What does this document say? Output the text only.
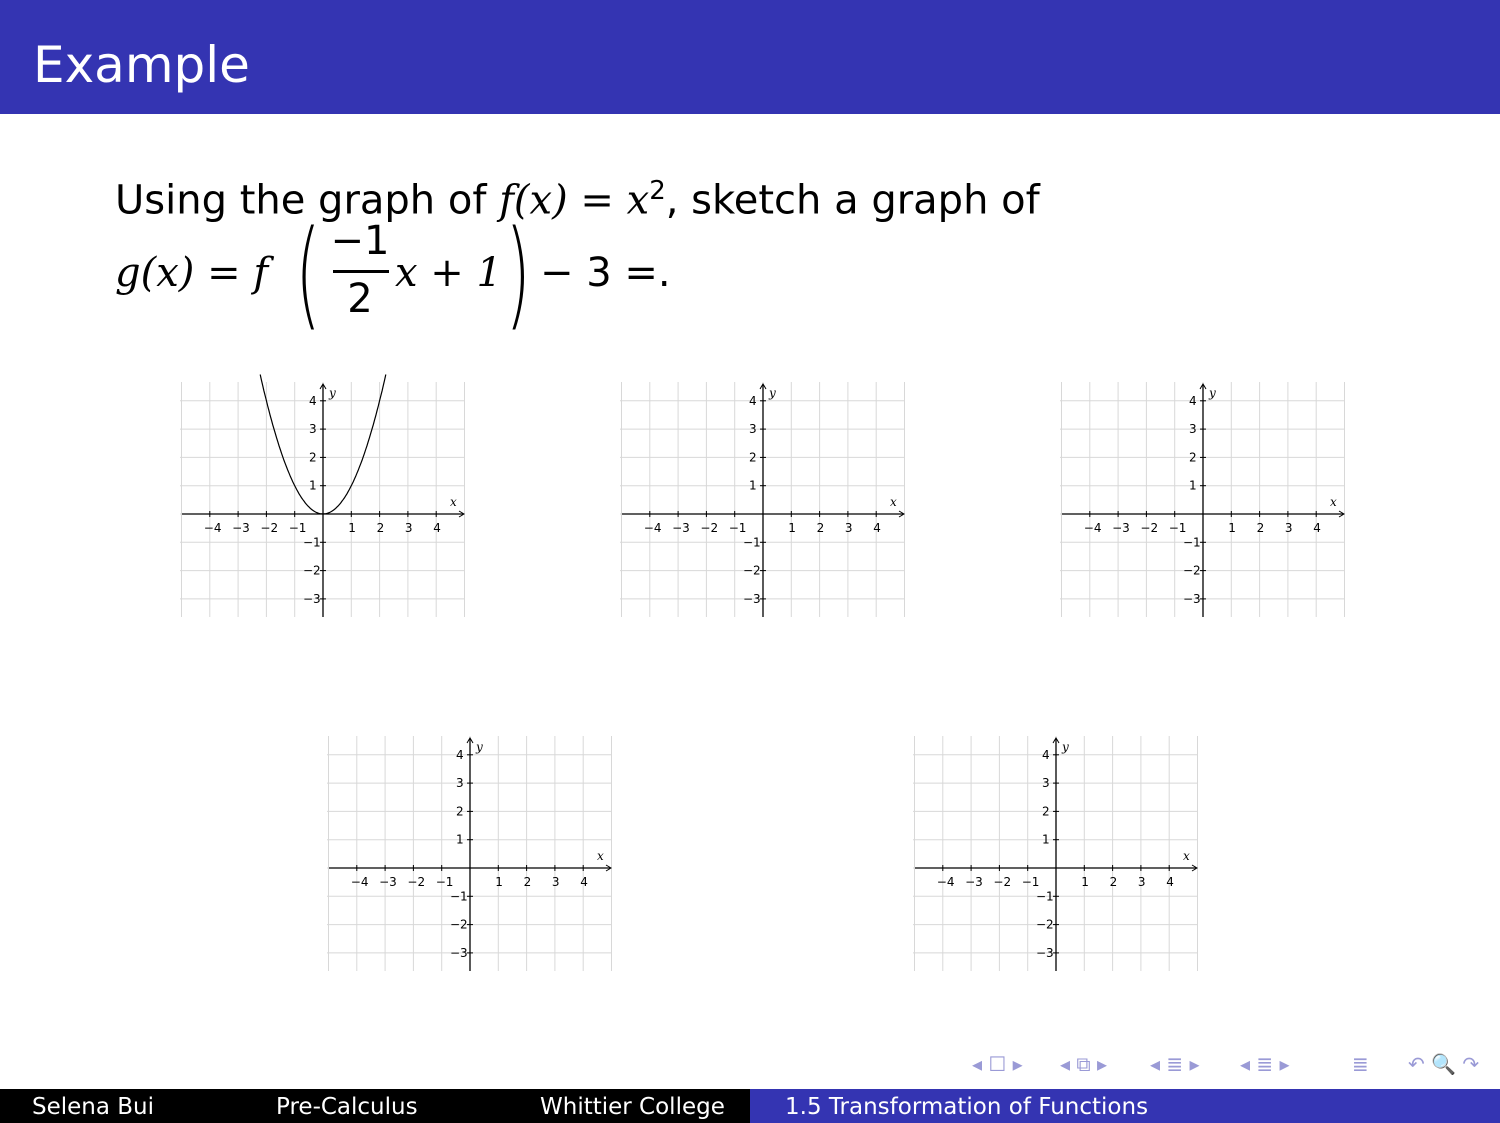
Example
Using the graph of $f(x) = x^2$, sketch a graph of
g(x) = f ( −1
2
x + 1 ) − 3 =.
−4 −3 −2 −1	1 2 3 4
4
3
2
1
−1
−2
−3
x
y
−4 −3 −2 −1	1 2 3 4
4
3
2
1
−1
−2
−3
x
y
−4 −3 −2 −1	1 2 3 4
4
3
2
1
−1
−2
−3
x
y
−4 −3 −2 −1	1 2 3 4
4
3
2
1
−1
−2
−3
x
y
−4 −3 −2 −1	1 2 3 4
4
3
2
1
−1
−2
−3
x
y
◂ ☐ ▸ ◂ ⧉ ▸ ◂ ≣ ▸ ◂ ≣ ▸	≣ ↶ 🔍 ↷
Selena Bui	Pre-Calculus	Whittier College	1.5 Transformation of Functions
